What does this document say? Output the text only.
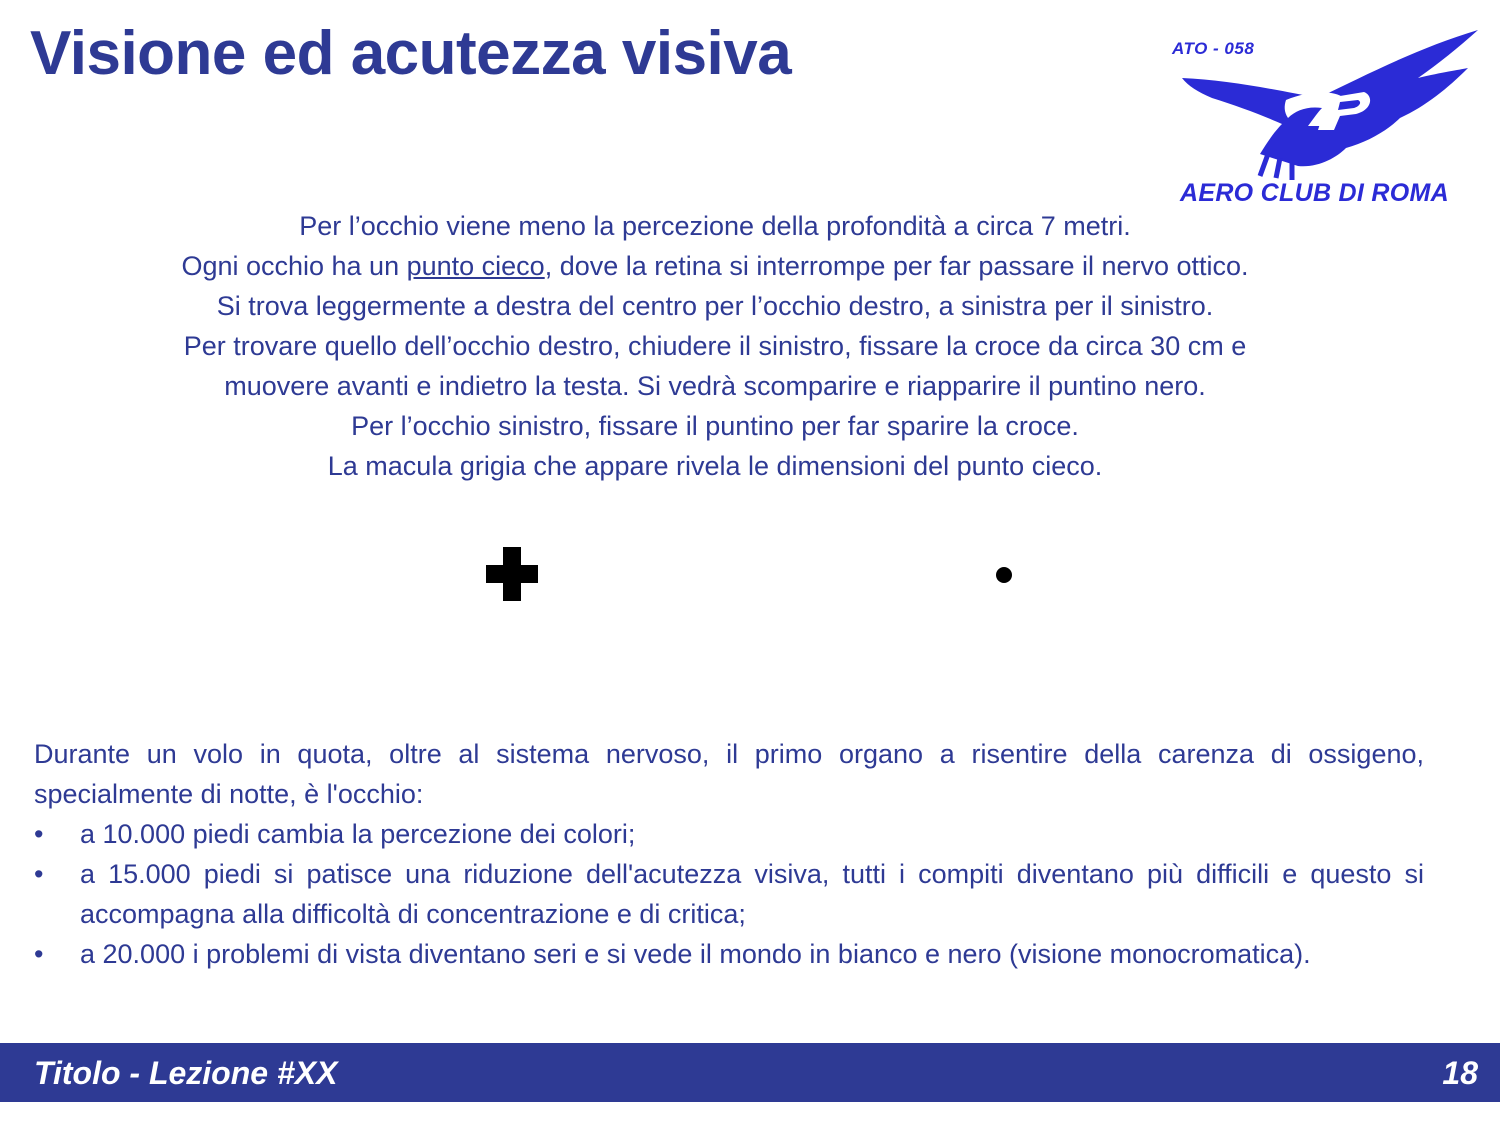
Visione ed acutezza visiva	ATO - 058
AERO CLUB DI ROMA

Per l’occhio viene meno la percezione della profondità a circa 7 metri.

Ogni occhio ha un punto cieco, dove la retina si interrompe per far passare il nervo ottico.

Si trova leggermente a destra del centro per l’occhio destro, a sinistra per il sinistro.

Per trovare quello dell’occhio destro, chiudere il sinistro, fissare la croce da circa 30 cm e

muovere avanti e indietro la testa. Si vedrà scomparire e riapparire il puntino nero.

Per l’occhio sinistro, fissare il puntino per far sparire la croce.

La macula grigia che appare rivela le dimensioni del punto cieco.

Durante un volo in quota, oltre al sistema nervoso, il primo organo a risentire della carenza di ossigeno, specialmente di notte, è l'occhio:

•	a 10.000 piedi cambia la percezione dei colori;
•	a 15.000 piedi si patisce una riduzione dell'acutezza visiva, tutti i compiti diventano più difficili e questo si accompagna alla difficoltà di concentrazione e di critica;
•	a 20.000 i problemi di vista diventano seri e si vede il mondo in bianco e nero (visione monocromatica).
Titolo - Lezione #XX	18
